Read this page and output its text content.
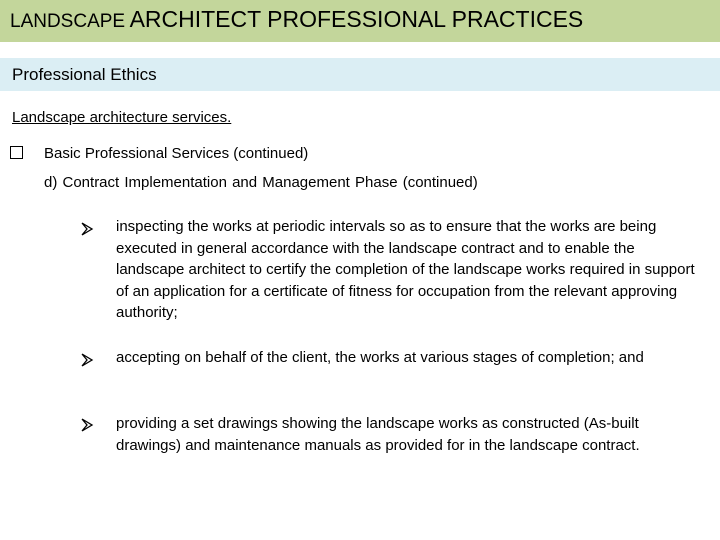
LANDSCAPE ARCHITECT PROFESSIONAL PRACTICES
Professional Ethics
Landscape architecture services.
Basic Professional Services (continued)
d) Contract Implementation and Management Phase (continued)
inspecting the works at periodic intervals so as to ensure that the works are being executed in general accordance with the landscape contract and to enable the landscape architect to certify the completion of the landscape works required in support of an application for a certificate of fitness for occupation from the relevant approving authority;
accepting on behalf of the client, the works at various stages of completion; and
providing a set drawings showing the landscape works as constructed (As-built drawings) and maintenance manuals as provided for in the landscape contract.
